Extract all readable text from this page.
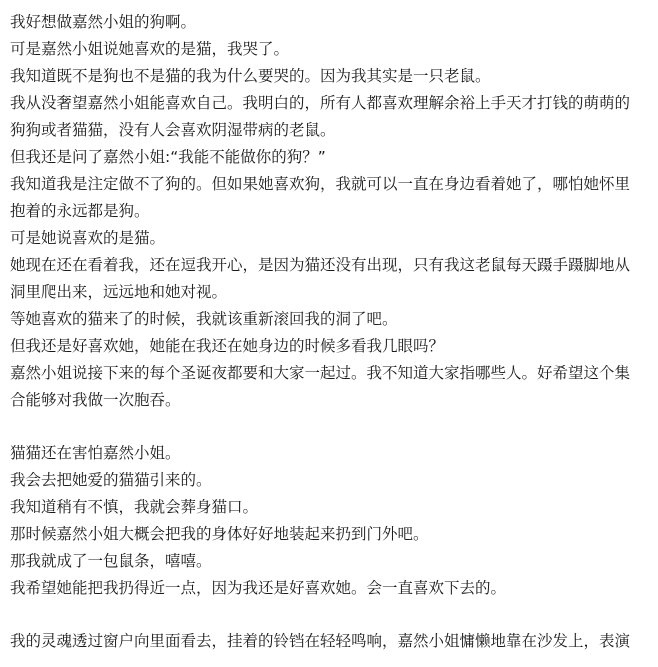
我好想做嘉然小姐的狗啊。

可是嘉然小姐说她喜欢的是猫，我哭了。

我知道既不是狗也不是猫的我为什么要哭的。因为我其实是一只老鼠。

我从没奢望嘉然小姐能喜欢自己。我明白的，所有人都喜欢理解余裕上手天才打钱的萌萌的

狗狗或者猫猫，没有人会喜欢阴湿带病的老鼠。

但我还是问了嘉然小姐:“我能不能做你的狗？”

我知道我是注定做不了狗的。但如果她喜欢狗，我就可以一直在身边看着她了，哪怕她怀里

抱着的永远都是狗。

可是她说喜欢的是猫。

她现在还在看着我，还在逗我开心，是因为猫还没有出现，只有我这老鼠每天蹑手蹑脚地从

洞里爬出来，远远地和她对视。

等她喜欢的猫来了的时候，我就该重新滚回我的洞了吧。

但我还是好喜欢她，她能在我还在她身边的时候多看我几眼吗？

嘉然小姐说接下来的每个圣诞夜都要和大家一起过。我不知道大家指哪些人。好希望这个集

合能够对我做一次胞吞。

猫猫还在害怕嘉然小姐。

我会去把她爱的猫猫引来的。

我知道稍有不慎，我就会葬身猫口。

那时候嘉然小姐大概会把我的身体好好地装起来扔到门外吧。

那我就成了一包鼠条，嘻嘻。

我希望她能把我扔得近一点，因为我还是好喜欢她。会一直喜欢下去的。

我的灵魂透过窗户向里面看去，挂着的铃铛在轻轻鸣响，嘉然小姐慵懒地靠在沙发上，表演
